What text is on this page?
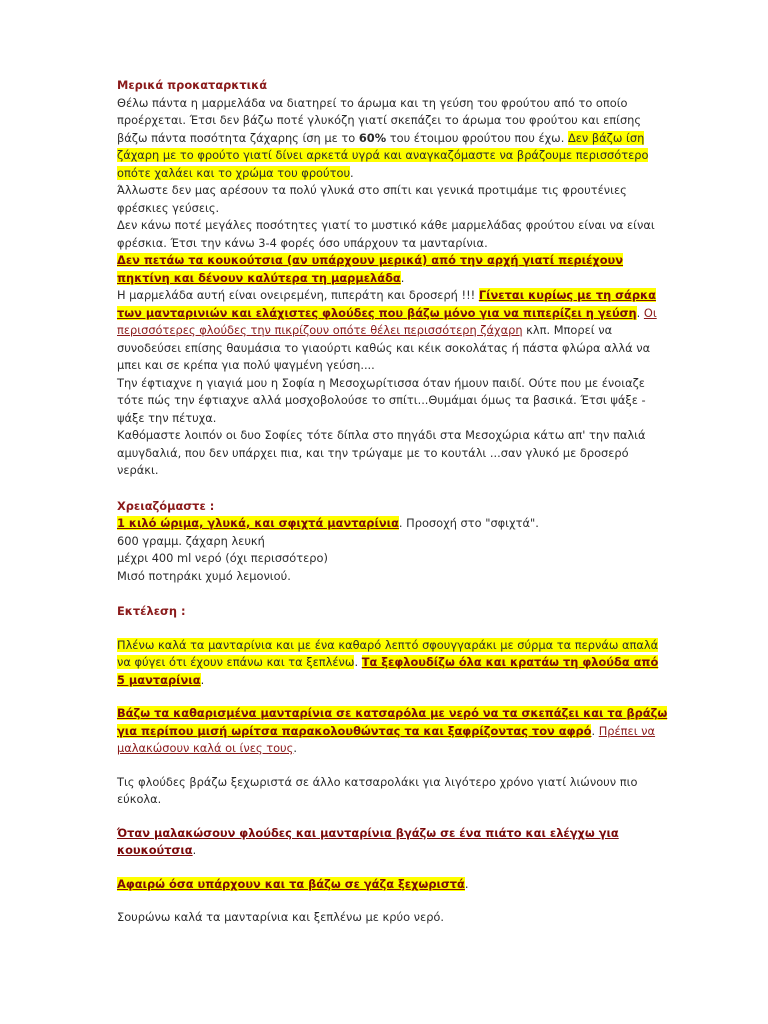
Μερικά προκαταρκτικά

Θέλω πάντα η μαρμελάδα να διατηρεί το άρωμα και τη γεύση του φρούτου από το οποίο προέρχεται. Έτσι δεν βάζω ποτέ γλυκόζη γιατί σκεπάζει το άρωμα του φρούτου και επίσης βάζω πάντα ποσότητα ζάχαρης ίση με το 60% του έτοιμου φρούτου που έχω. Δεν βάζω ίση ζάχαρη με το φρούτο γιατί δίνει αρκετά υγρά και αναγκαζόμαστε να βράζουμε περισσότερο οπότε χαλάει και το χρώμα του φρούτου.

Άλλωστε δεν μας αρέσουν τα πολύ γλυκά στο σπίτι και γενικά προτιμάμε τις φρουτένιες φρέσκιες γεύσεις.

Δεν κάνω ποτέ μεγάλες ποσότητες γιατί το μυστικό κάθε μαρμελάδας φρούτου είναι να είναι φρέσκια. Έτσι την κάνω 3-4 φορές όσο υπάρχουν τα μανταρίνια.

Δεν πετάω τα κουκούτσια (αν υπάρχουν μερικά) από την αρχή γιατί περιέχουν πηκτίνη και δένουν καλύτερα τη μαρμελάδα.

Η μαρμελάδα αυτή είναι ονειρεμένη, πιπεράτη και δροσερή !!! Γίνεται κυρίως με τη σάρκα των μανταρινιών και ελάχιστες φλούδες που βάζω μόνο για να πιπερίζει η γεύση. Οι περισσότερες φλούδες την πικρίζουν οπότε θέλει περισσότερη ζάχαρη κλπ. Μπορεί να συνοδεύσει επίσης θαυμάσια το γιαούρτι καθώς και κέικ σοκολάτας ή πάστα φλώρα αλλά να μπει και σε κρέπα για πολύ ψαγμένη γεύση....

Την έφτιαχνε η γιαγιά μου η Σοφία η Μεσοχωρίτισσα όταν ήμουν παιδί. Ούτε που με ένοιαζε τότε πώς την έφτιαχνε αλλά μοσχοβολούσε το σπίτι...Θυμάμαι όμως τα βασικά. Έτσι ψάξε - ψάξε την πέτυχα.

Καθόμαστε λοιπόν οι δυο Σοφίες τότε δίπλα στο πηγάδι στα Μεσοχώρια κάτω απ' την παλιά αμυγδαλιά, που δεν υπάρχει πια, και την τρώγαμε με το κουτάλι ...σαν γλυκό με δροσερό νεράκι.

Χρειαζόμαστε :

1 κιλό ώριμα, γλυκά, και σφιχτά μανταρίνια. Προσοχή στο "σφιχτά".

600 γραμμ. ζάχαρη λευκή

μέχρι 400 ml νερό (όχι περισσότερο)

Μισό ποτηράκι χυμό λεμονιού.

Εκτέλεση :

Πλένω καλά τα μανταρίνια και με ένα καθαρό λεπτό σφουγγαράκι με σύρμα τα περνάω απαλά να φύγει ότι έχουν επάνω και τα ξεπλένω. Τα ξεφλουδίζω όλα και κρατάω τη φλούδα από 5 μανταρίνια.

Βάζω τα καθαρισμένα μανταρίνια σε κατσαρόλα με νερό να τα σκεπάζει και τα βράζω για περίπου μισή ωρίτσα παρακολουθώντας τα και ξαφρίζοντας τον αφρό. Πρέπει να μαλακώσουν καλά οι ίνες τους.

Τις φλούδες βράζω ξεχωριστά σε άλλο κατσαρολάκι για λιγότερο χρόνο γιατί λιώνουν πιο εύκολα.

Όταν μαλακώσουν φλούδες και μανταρίνια βγάζω σε ένα πιάτο και ελέγχω για κουκούτσια.

Αφαιρώ όσα υπάρχουν και τα βάζω σε γάζα ξεχωριστά.

Σουρώνω καλά τα μανταρίνια και ξεπλένω με κρύο νερό.
